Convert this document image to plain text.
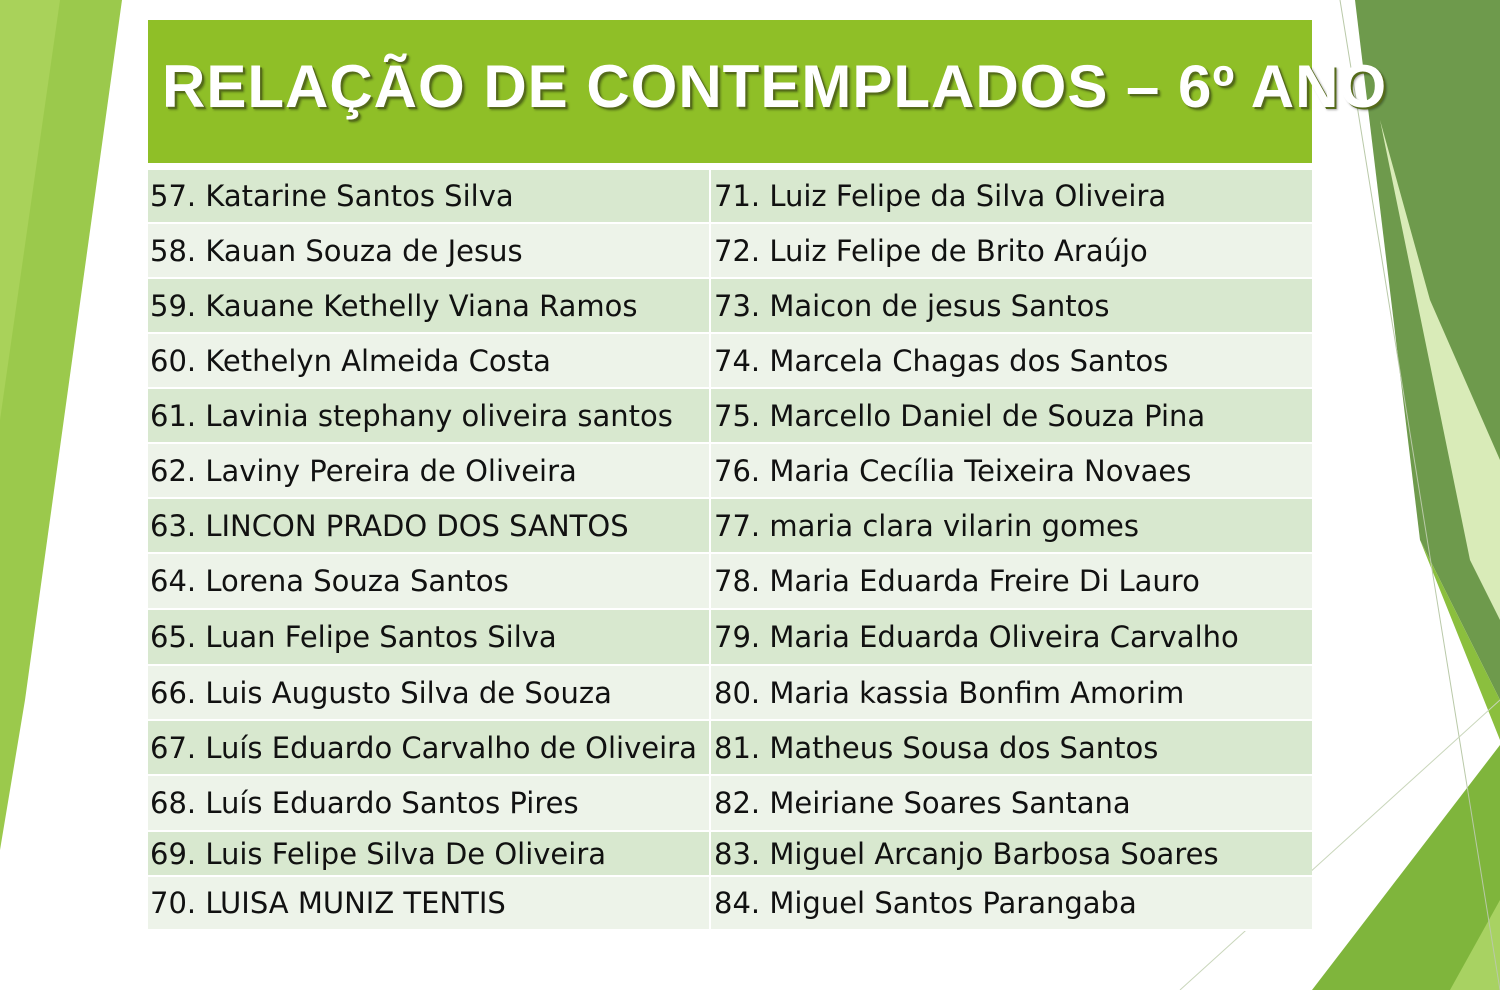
RELAÇÃO DE CONTEMPLADOS – 6º ANO
57. Katarine Santos Silva	71. Luiz Felipe da Silva Oliveira
58. Kauan Souza de Jesus	72. Luiz Felipe de Brito Araújo
59. Kauane Kethelly Viana Ramos	73. Maicon de jesus Santos
60. Kethelyn Almeida Costa	74. Marcela Chagas dos Santos
61. Lavinia stephany oliveira santos	75. Marcello Daniel de Souza Pina
62. Laviny Pereira de Oliveira	76. Maria Cecília Teixeira Novaes
63. LINCON PRADO DOS SANTOS	77. maria clara vilarin gomes
64. Lorena Souza Santos	78. Maria Eduarda Freire Di Lauro
65. Luan Felipe Santos Silva	79. Maria Eduarda Oliveira Carvalho
66. Luis Augusto Silva de Souza	80. Maria kassia Bonfim Amorim
67. Luís Eduardo Carvalho de Oliveira	81. Matheus Sousa dos Santos
68. Luís Eduardo Santos Pires	82. Meiriane Soares Santana
69. Luis Felipe Silva De Oliveira	83. Miguel Arcanjo Barbosa Soares
70. LUISA MUNIZ TENTIS	84. Miguel Santos Parangaba
